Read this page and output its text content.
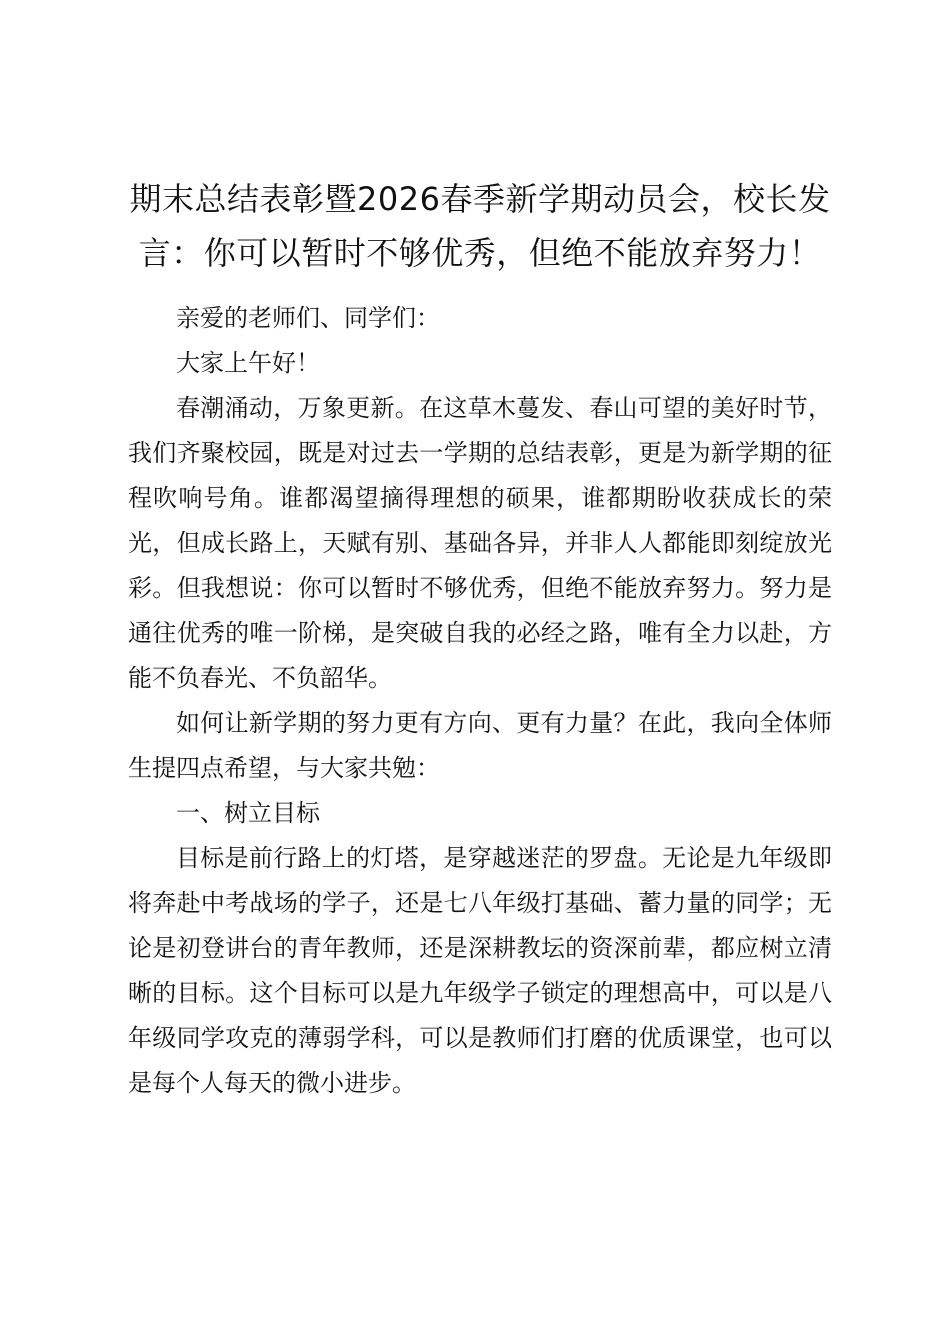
期末总结表彰暨2026春季新学期动员会，校长发言：你可以暂时不够优秀，但绝不能放弃努力！

亲爱的老师们、同学们：

大家上午好！

春潮涌动，万象更新。在这草木蔓发、春山可望的美好时节，我们齐聚校园，既是对过去一学期的总结表彰，更是为新学期的征程吹响号角。谁都渴望摘得理想的硕果，谁都期盼收获成长的荣光，但成长路上，天赋有别、基础各异，并非人人都能即刻绽放光彩。但我想说：你可以暂时不够优秀，但绝不能放弃努力。努力是通往优秀的唯一阶梯，是突破自我的必经之路，唯有全力以赴，方能不负春光、不负韶华。

如何让新学期的努力更有方向、更有力量？在此，我向全体师生提四点希望，与大家共勉：

一、树立目标

目标是前行路上的灯塔，是穿越迷茫的罗盘。无论是九年级即将奔赴中考战场的学子，还是七八年级打基础、蓄力量的同学；无论是初登讲台的青年教师，还是深耕教坛的资深前辈，都应树立清晰的目标。这个目标可以是九年级学子锁定的理想高中，可以是八年级同学攻克的薄弱学科，可以是教师们打磨的优质课堂，也可以是每个人每天的微小进步。
